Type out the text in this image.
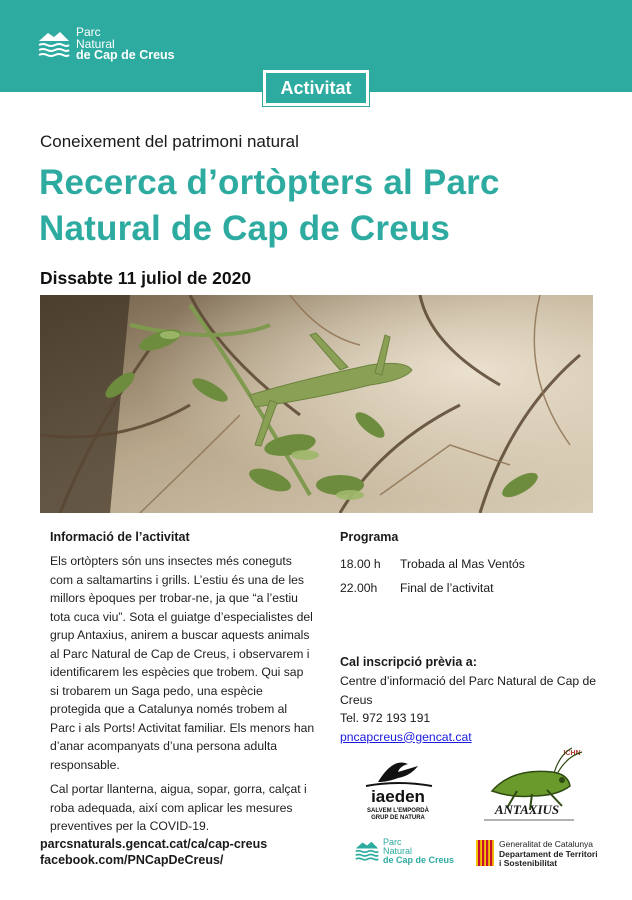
Parc
Natural
de Cap de Creus
Activitat
Coneixement del patrimoni natural
Recerca d’ortòpters al Parc Natural de Cap de Creus
Dissabte 11 juliol de 2020
Informació de l’activitat

Els ortòpters són uns insectes més coneguts com a saltamartins i grills. L’estiu és una de les millors èpoques per trobar-ne, ja que “a l’estiu tota cuca viu”. Sota el guiatge d’especialistes del grup Antaxius, anirem a buscar aquests animals al Parc Natural de Cap de Creus, i observarem i identificarem les espècies que trobem. Qui sap si trobarem un Saga pedo, una espècie protegida que a Catalunya només trobem al Parc i als Ports! Activitat familiar. Els menors han d’anar acompanyats d’una persona adulta responsable.

Cal portar llanterna, aigua, sopar, gorra, calçat i roba adequada, així com aplicar les mesures preventives per la COVID-19.

Programa
18.00 h	Trobada al Mas Ventós
22.00h	Final de l’activitat
Cal inscripció prèvia a:

Centre d’informació del Parc Natural de Cap de Creus

Tel. 972 193 191

pncapcreus@gencat.cat
parcsnaturals.gencat.cat/ca/cap-creus
facebook.com/PNCapDeCreus/
iaeden
SALVEM L’EMPORDÀ
GRUP DE NATURA
ICHN
ANTAXIUS
Parc
Natural
de Cap de Creus
Generalitat de Catalunya
Departament de Territori
i Sostenibilitat
